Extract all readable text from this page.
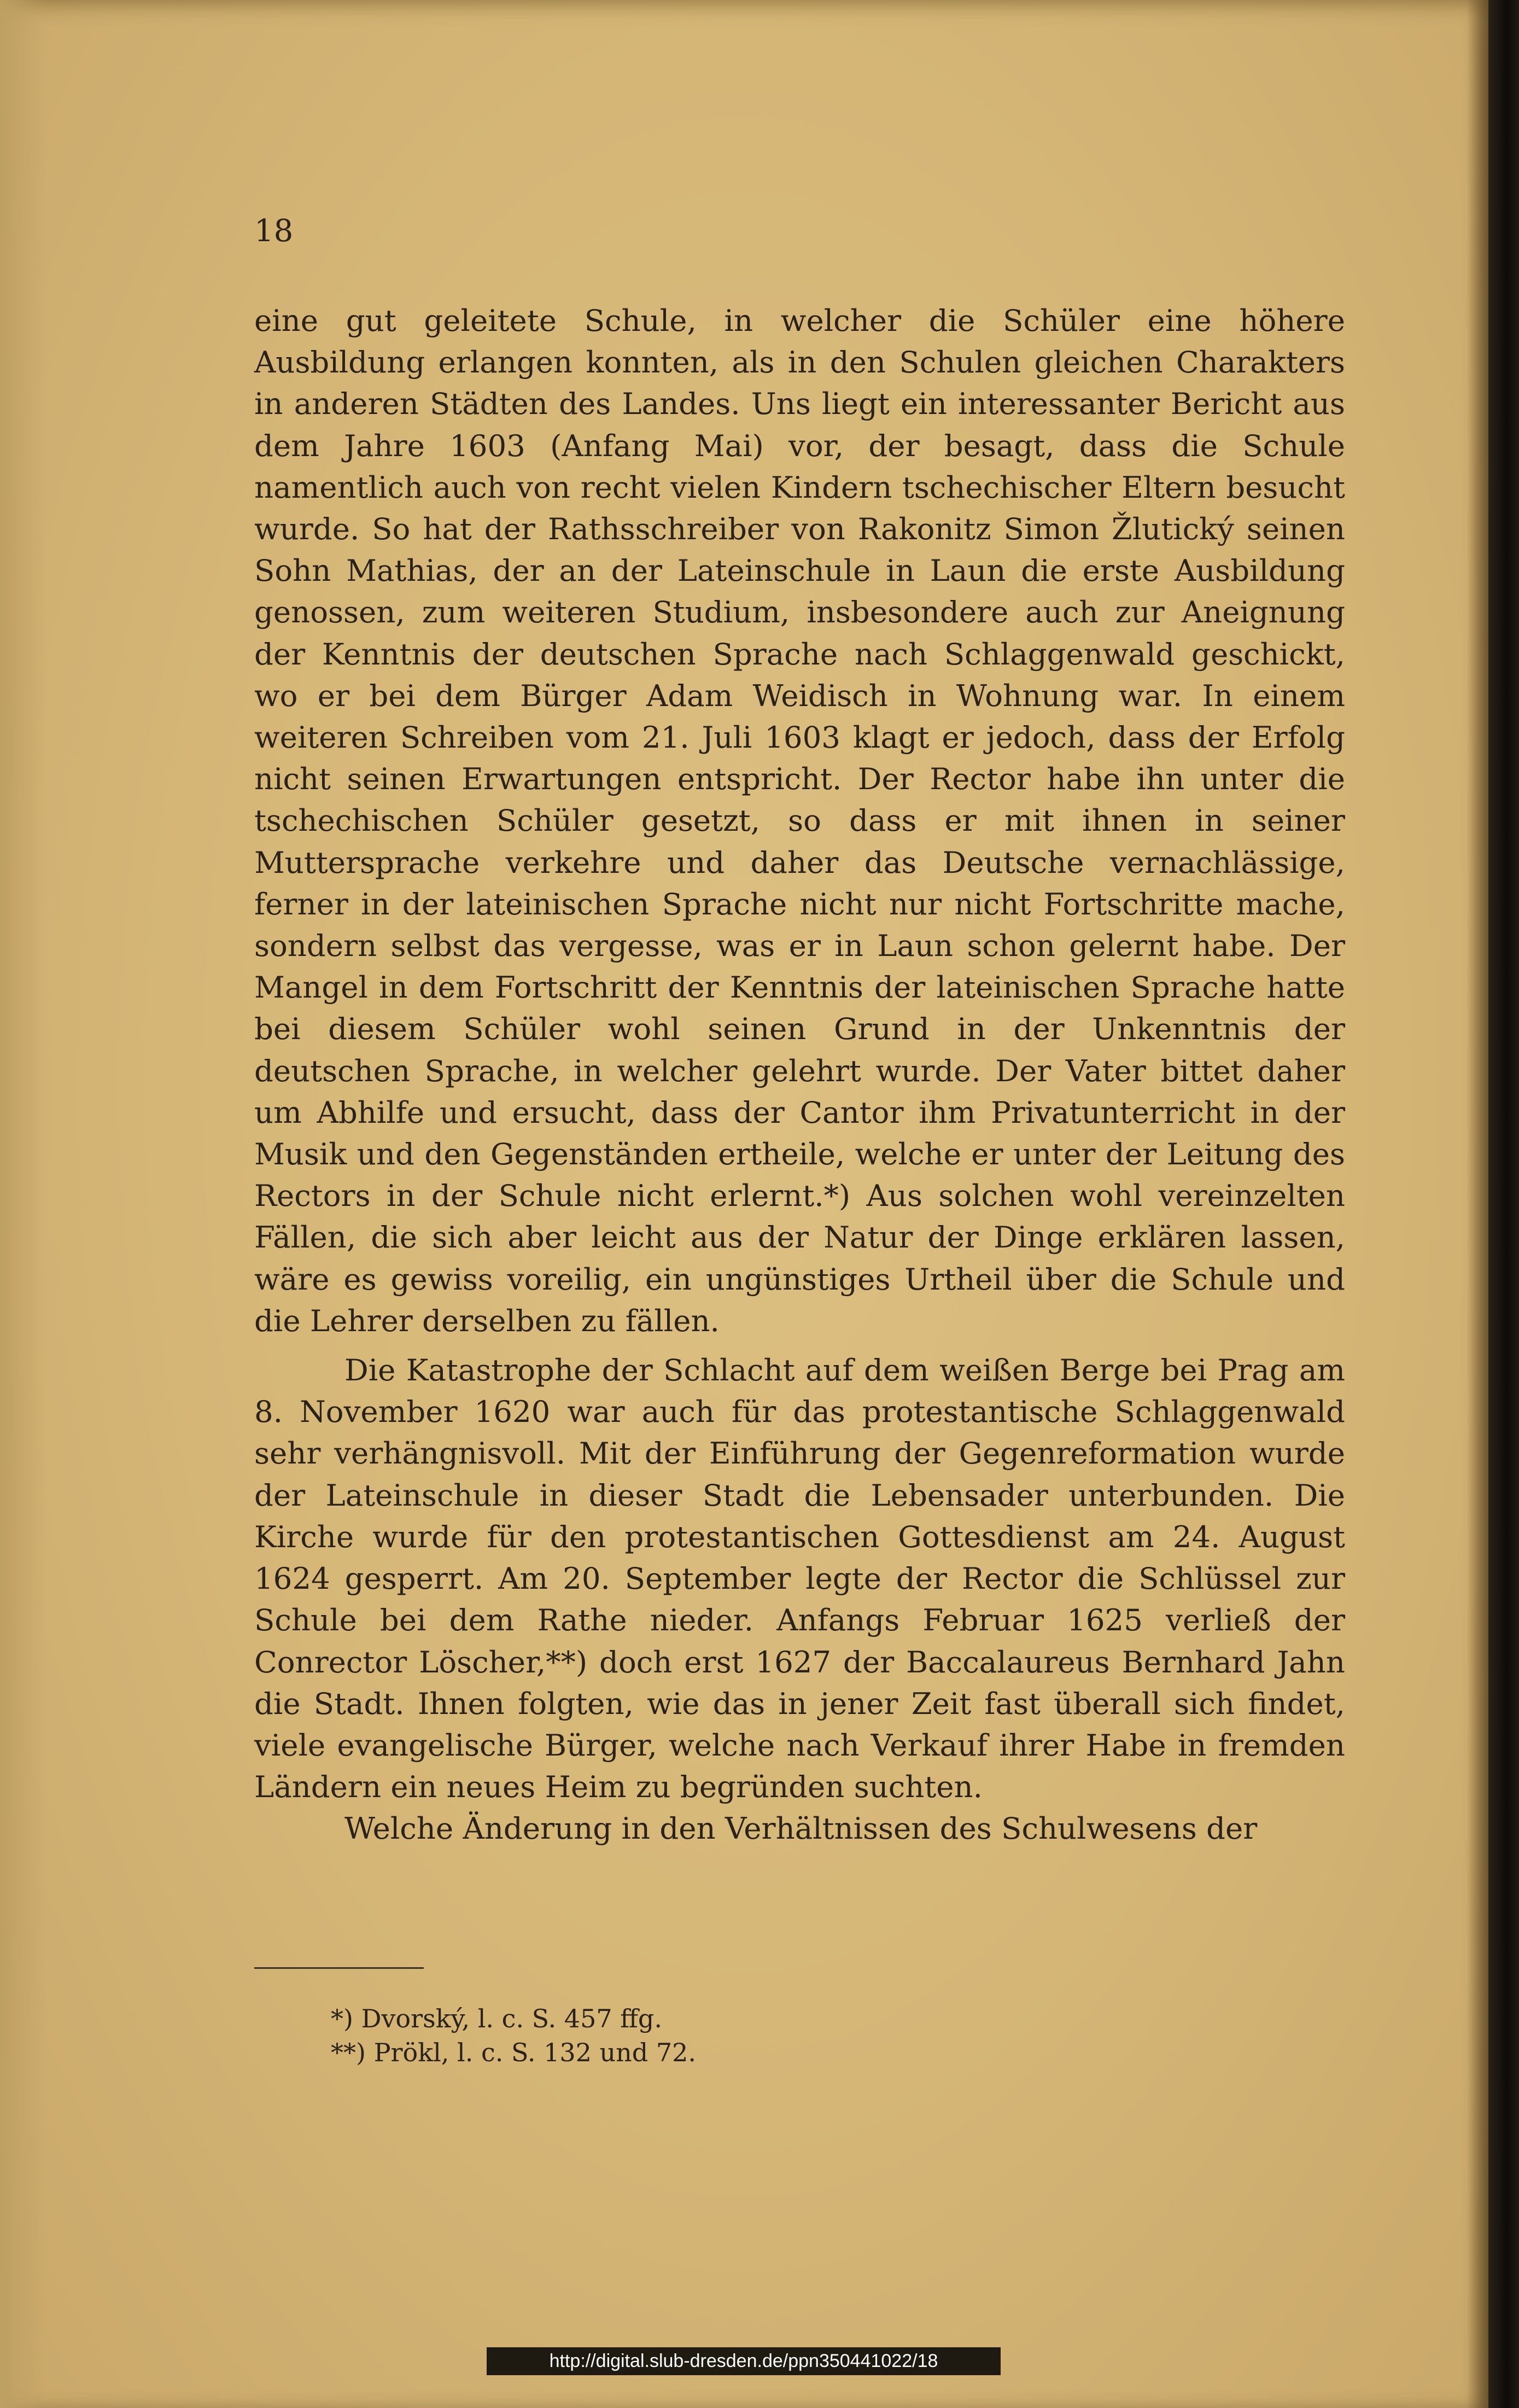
18

eine gut geleitete Schule, in welcher die Schüler eine höhere Ausbildung erlangen konnten, als in den Schulen gleichen Charakters in anderen Städten des Landes. Uns liegt ein interessanter Bericht aus dem Jahre 1603 (Anfang Mai) vor, der besagt, dass die Schule namentlich auch von recht vielen Kindern tschechischer Eltern besucht wurde. So hat der Rathsschreiber von Rakonitz Simon Žlutický seinen Sohn Mathias, der an der Lateinschule in Laun die erste Ausbildung genossen, zum weiteren Studium, insbesondere auch zur Aneignung der Kenntnis der deutschen Sprache nach Schlaggenwald geschickt, wo er bei dem Bürger Adam Weidisch in Wohnung war. In einem weiteren Schreiben vom 21. Juli 1603 klagt er jedoch, dass der Erfolg nicht seinen Erwartungen entspricht. Der Rector habe ihn unter die tschechischen Schüler gesetzt, so dass er mit ihnen in seiner Muttersprache verkehre und daher das Deutsche vernachlässige, ferner in der lateinischen Sprache nicht nur nicht Fortschritte mache, sondern selbst das vergesse, was er in Laun schon gelernt habe. Der Mangel in dem Fortschritt der Kenntnis der lateinischen Sprache hatte bei diesem Schüler wohl seinen Grund in der Unkenntnis der deutschen Sprache, in welcher gelehrt wurde. Der Vater bittet daher um Abhilfe und ersucht, dass der Cantor ihm Privatunterricht in der Musik und den Gegenständen ertheile, welche er unter der Leitung des Rectors in der Schule nicht erlernt.*) Aus solchen wohl vereinzelten Fällen, die sich aber leicht aus der Natur der Dinge erklären lassen, wäre es gewiss voreilig, ein ungünstiges Urtheil über die Schule und die Lehrer derselben zu fällen.

Die Katastrophe der Schlacht auf dem weißen Berge bei Prag am 8. November 1620 war auch für das protestantische Schlaggenwald sehr verhängnisvoll. Mit der Einführung der Gegenreformation wurde der Lateinschule in dieser Stadt die Lebensader unterbunden. Die Kirche wurde für den protestantischen Gottesdienst am 24. August 1624 gesperrt. Am 20. September legte der Rector die Schlüssel zur Schule bei dem Rathe nieder. Anfangs Februar 1625 verließ der Conrector Löscher,**) doch erst 1627 der Baccalaureus Bernhard Jahn die Stadt. Ihnen folgten, wie das in jener Zeit fast überall sich findet, viele evangelische Bürger, welche nach Verkauf ihrer Habe in fremden Ländern ein neues Heim zu begründen suchten.

Welche Änderung in den Verhältnissen des Schulwesens der

*) Dvorský, l. c. S. 457 ffg.
**) Prökl, l. c. S. 132 und 72.
http://digital.slub-dresden.de/ppn350441022/18
